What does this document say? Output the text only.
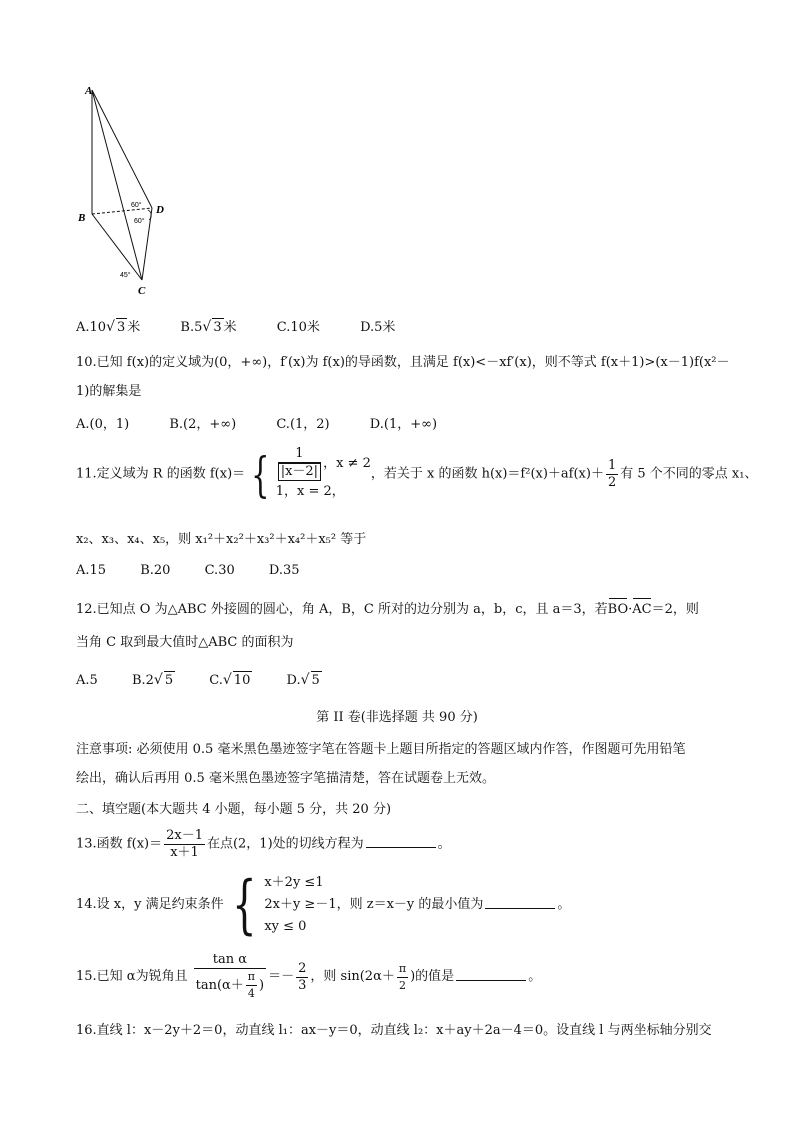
A
B
C
D
60°
60°
45°
A.10√ 3 米	B.5√ 3 米	C.10米	D.5米
10.已知 f(x)的定义域为(0，+∞)，f′(x)为 f(x)的导函数，且满足 f(x)<－xf′(x)，则不等式 f(x＋1)>(x－1)f(x²－
1)的解集是
A.(0，1)	B.(2，+∞)	C.(1，2)	D.(1，+∞)
11.定义域为 R 的函数 f(x)＝ { $\frac{1}{|x-2|}$ ，x ≠ 2
1，x = 2，
，若关于 x 的函数 $h(x)=f^2(x)+af(x)+ \frac{1}{2}$ 有 5 个不同的零点 x₁、
x₂、x₃、x₄、x₅，则 x₁²＋x₂²＋x₃²＋x₄²＋x₅² 等于
A.15	B.20	C.30	D.35
12.已知点 O 为△ABC 外接圆的圆心，角 A，B，C 所对的边分别为 a，b，c，且 a＝3，若BO·AC＝2，则
当角 C 取到最大值时△ABC 的面积为
A.5	B.2√ 5	C.√ 10	D.√ 5
第 II 卷(非选择题 共 90 分)
注意事项: 必须使用 0.5 毫米黑色墨迹签字笔在答题卡上题目所指定的答题区域内作答，作图题可先用铅笔
绘出，确认后再用 0.5 毫米黑色墨迹签字笔描清楚，答在试题卷上无效。
二、填空题(本大题共 4 小题，每小题 5 分，共 20 分)
13.函数 $f(x)= \frac{2x-1}{x+1}$ 在点(2，1)处的切线方程为	。
14.设 x，y 满足约束条件 { x＋2y ≤1
2x＋y ≥－1
xy ≤ 0
，则 z＝x－y 的最小值为	。
15.已知 α为锐角且 $\frac{\text{tan α}}{\tan(\alpha+ \frac{\pi}{4} )} =- \frac{2}{3}$ ，则 $\sin(2\alpha+ \frac{\pi}{2}$ )的值是	。
16.直线 l：x－2y＋2＝0，动直线 l₁：ax－y＝0，动直线 l₂：x＋ay＋2a－4＝0。设直线 l 与两坐标轴分别交
